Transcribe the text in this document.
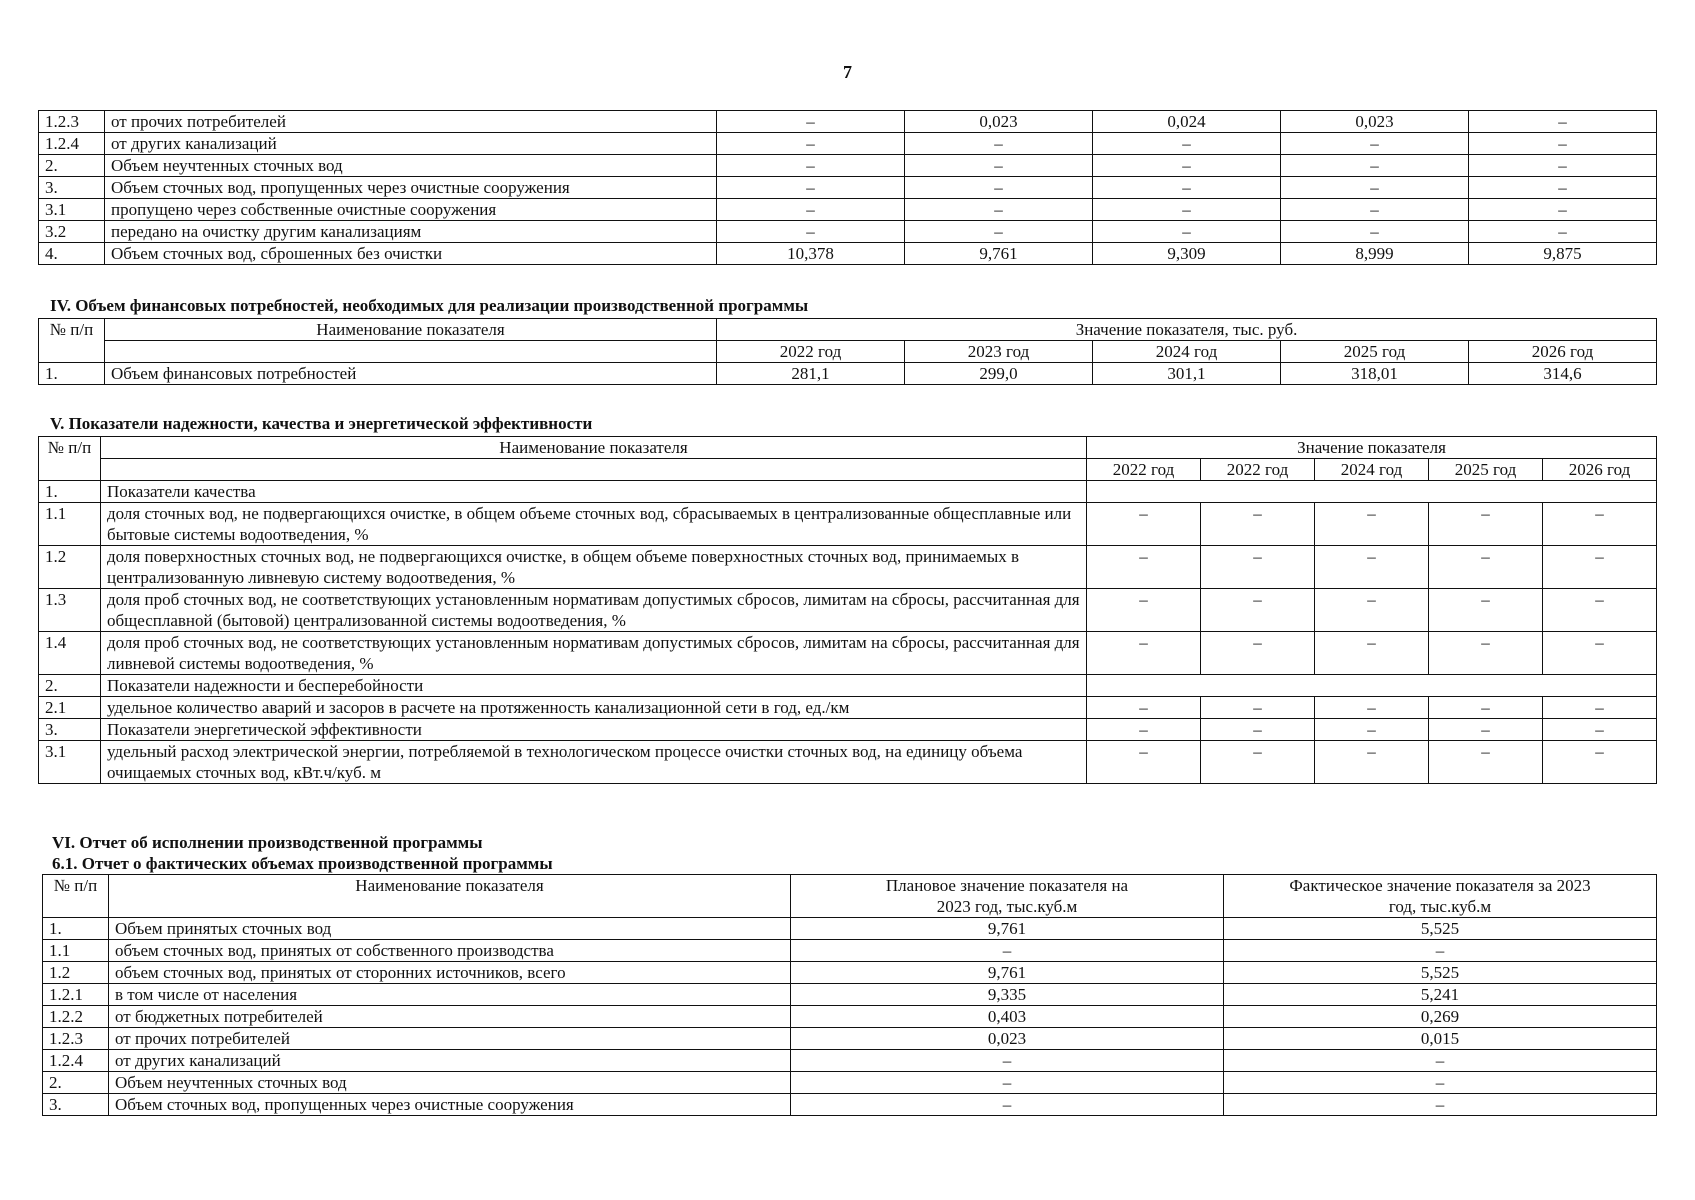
7
1.2.3	от прочих потребителей	–	0,023	0,024	0,023	–
1.2.4	от других канализаций	–	–	–	–	–
2.	Объем неучтенных сточных вод	–	–	–	–	–
3.	Объем сточных вод, пропущенных через очистные сооружения	–	–	–	–	–
3.1	пропущено через собственные очистные сооружения	–	–	–	–	–
3.2	передано на очистку другим канализациям	–	–	–	–	–
4.	Объем сточных вод, сброшенных без очистки	10,378	9,761	9,309	8,999	9,875
IV. Объем финансовых потребностей, необходимых для реализации производственной программы
№ п/п	Наименование показателя	Значение показателя, тыс. руб.				
		2022 год	2023 год	2024 год	2025 год	2026 год
1.	Объем финансовых потребностей	281,1	299,0	301,1	318,01	314,6
V. Показатели надежности, качества и энергетической эффективности
№ п/п	Наименование показателя	Значение показателя				
		2022 год	2022 год	2024 год	2025 год	2026 год
1.	Показатели качества					
1.1	доля сточных вод, не подвергающихся очистке, в общем объеме сточных вод, сбрасываемых в централизованные общесплавные или бытовые системы водоотведения, %	–	–	–	–	–
1.2	доля поверхностных сточных вод, не подвергающихся очистке, в общем объеме поверхностных сточных вод, принимаемых в централизованную ливневую систему водоотведения, %	–	–	–	–	–
1.3	доля проб сточных вод, не соответствующих установленным нормативам допустимых сбросов, лимитам на сбросы, рассчитанная для общесплавной (бытовой) централизованной системы водоотведения, %	–	–	–	–	–
1.4	доля проб сточных вод, не соответствующих установленным нормативам допустимых сбросов, лимитам на сбросы, рассчитанная для ливневой системы водоотведения, %	–	–	–	–	–
2.	Показатели надежности и бесперебойности					
2.1	удельное количество аварий и засоров в расчете на протяженность канализационной сети в год, ед./км	–	–	–	–	–
3.	Показатели энергетической эффективности	–	–	–	–	–
3.1	удельный расход электрической энергии, потребляемой в технологическом процессе очистки сточных вод, на единицу объема очищаемых сточных вод, кВт.ч/куб. м	–	–	–	–	–
VI. Отчет об исполнении производственной программы
6.1. Отчет о фактических объемах производственной программы
№ п/п	Наименование показателя	Плановое значение показателя на 2023 год, тыс.куб.м	Фактическое значение показателя за 2023 год, тыс.куб.м
1.	Объем принятых сточных вод	9,761	5,525
1.1	объем сточных вод, принятых от собственного производства	–	–
1.2	объем сточных вод, принятых от сторонних источников, всего	9,761	5,525
1.2.1	в том числе от населения	9,335	5,241
1.2.2	от бюджетных потребителей	0,403	0,269
1.2.3	от прочих потребителей	0,023	0,015
1.2.4	от других канализаций	–	–
2.	Объем неучтенных сточных вод	–	–
3.	Объем сточных вод, пропущенных через очистные сооружения	–	–
